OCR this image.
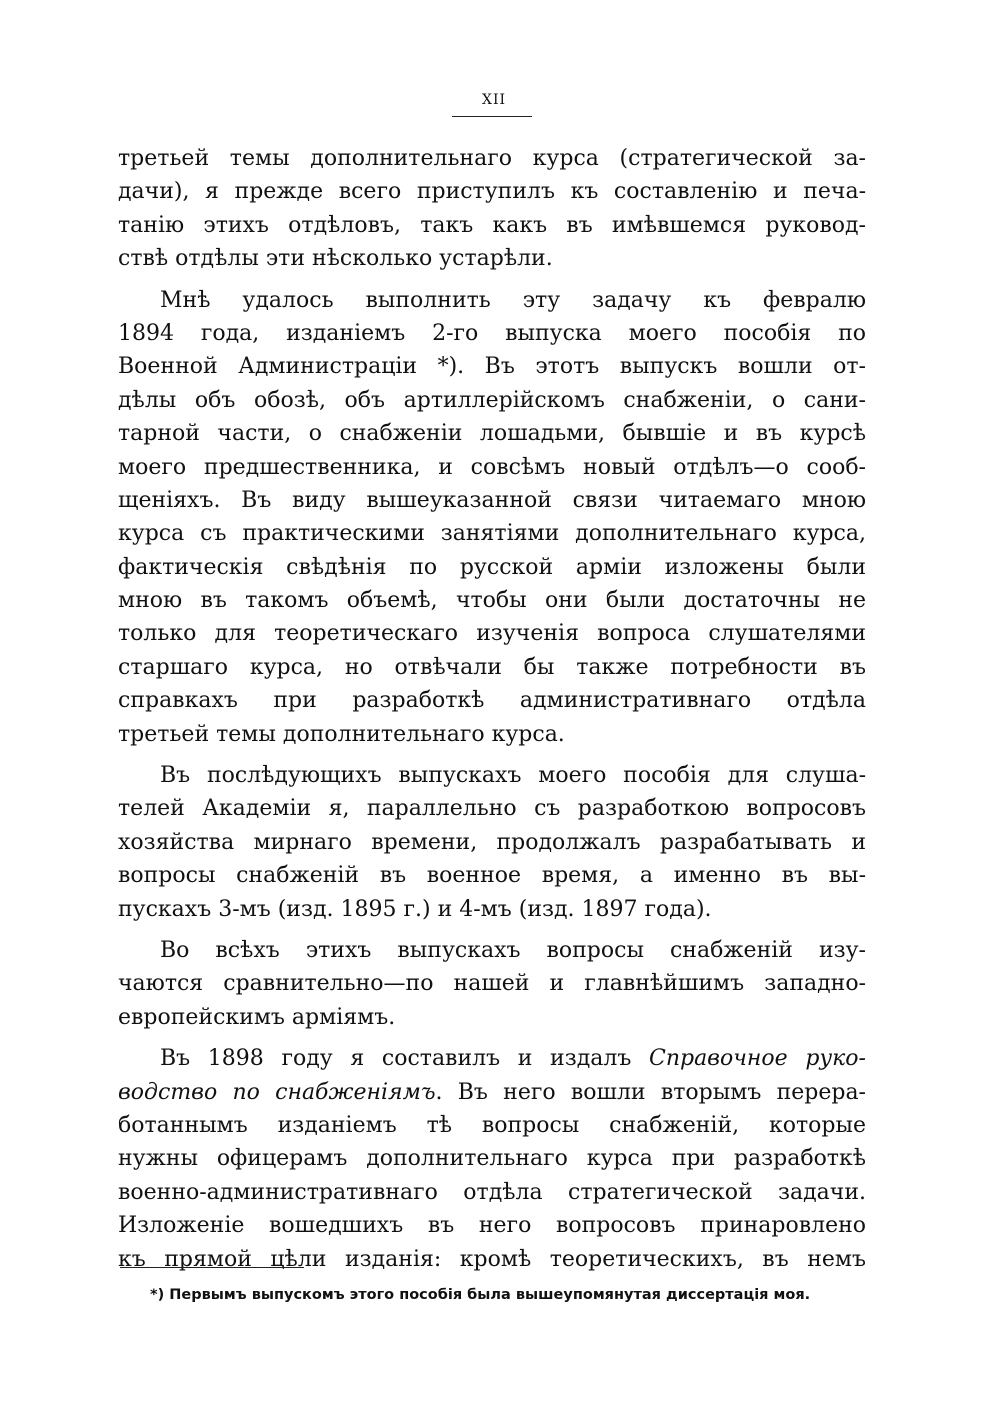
XII
третьей темы дополнительнаго курса (стратегической за-
дачи), я прежде всего приступилъ къ составленію и печа-
танію этихъ отдѣловъ, такъ какъ въ имѣвшемся руковод-
ствѣ отдѣлы эти нѣсколько устарѣли.
Мнѣ удалось выполнить эту задачу къ февралю
1894 года, изданіемъ 2-го выпуска моего пособія по
Военной Администраціи *). Въ этотъ выпускъ вошли от-
дѣлы объ обозѣ, объ артиллерійскомъ снабженіи, о сани-
тарной части, о снабженіи лошадьми, бывшіе и въ курсѣ
моего предшественника, и совсѣмъ новый отдѣлъ—о сооб-
щеніяхъ. Въ виду вышеуказанной связи читаемаго мною
курса съ практическими занятіями дополнительнаго курса,
фактическія свѣдѣнія по русской арміи изложены были
мною въ такомъ объемѣ, чтобы они были достаточны не
только для теоретическаго изученія вопроса слушателями
старшаго курса, но отвѣчали бы также потребности въ
справкахъ при разработкѣ административнаго отдѣла
третьей темы дополнительнаго курса.
Въ послѣдующихъ выпускахъ моего пособія для слуша-
телей Академіи я, параллельно съ разработкою вопросовъ
хозяйства мирнаго времени, продолжалъ разрабатывать и
вопросы снабженій въ военное время, а именно въ вы-
пускахъ 3-мъ (изд. 1895 г.) и 4-мъ (изд. 1897 года).
Во всѣхъ этихъ выпускахъ вопросы снабженій изу-
чаются сравнительно—по нашей и главнѣйшимъ западно-
европейскимъ арміямъ.
Въ 1898 году я составилъ и издалъ Справочное руко-
водство по снабженіямъ. Въ него вошли вторымъ перера-
ботаннымъ изданіемъ тѣ вопросы снабженій, которые
нужны офицерамъ дополнительнаго курса при разработкѣ
военно-административнаго отдѣла стратегической задачи.
Изложеніе вошедшихъ въ него вопросовъ принаровлено
къ прямой цѣли изданія: кромѣ теоретическихъ, въ немъ
*) Первымъ выпускомъ этого пособія была вышеупомянутая диссертація моя.
